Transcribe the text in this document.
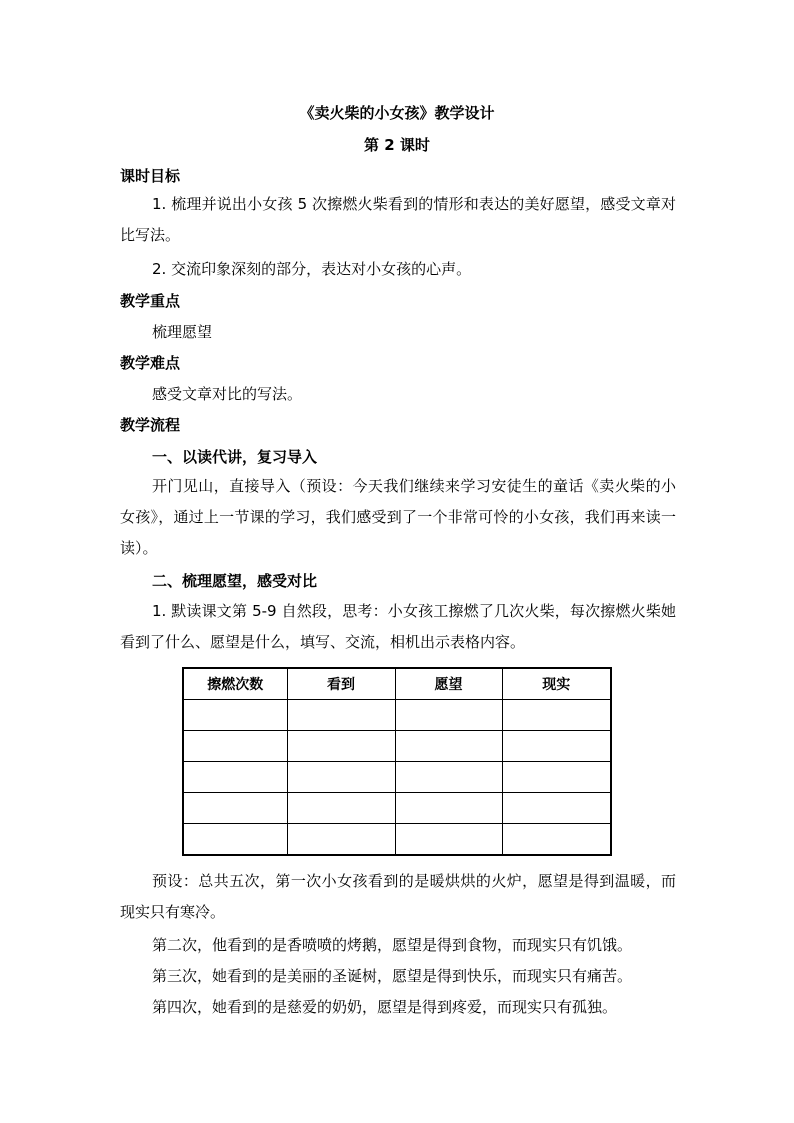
《卖火柴的小女孩》教学设计
第 2 课时
课时目标
1. 梳理并说出小女孩 5 次擦燃火柴看到的情形和表达的美好愿望，感受文章对比写法。
2. 交流印象深刻的部分，表达对小女孩的心声。
教学重点
梳理愿望
教学难点
感受文章对比的写法。
教学流程
一、以读代讲，复习导入
开门见山，直接导入（预设：今天我们继续来学习安徒生的童话《卖火柴的小女孩》，通过上一节课的学习，我们感受到了一个非常可怜的小女孩，我们再来读一读）。
二、梳理愿望，感受对比
1. 默读课文第 5-9 自然段，思考：小女孩工擦燃了几次火柴，每次擦燃火柴她看到了什么、愿望是什么，填写、交流，相机出示表格内容。
擦燃次数	看到	愿望	现实

预设：总共五次，第一次小女孩看到的是暖烘烘的火炉，愿望是得到温暖，而现实只有寒冷。
第二次，他看到的是香喷喷的烤鹅，愿望是得到食物，而现实只有饥饿。
第三次，她看到的是美丽的圣诞树，愿望是得到快乐，而现实只有痛苦。
第四次，她看到的是慈爱的奶奶，愿望是得到疼爱，而现实只有孤独。
